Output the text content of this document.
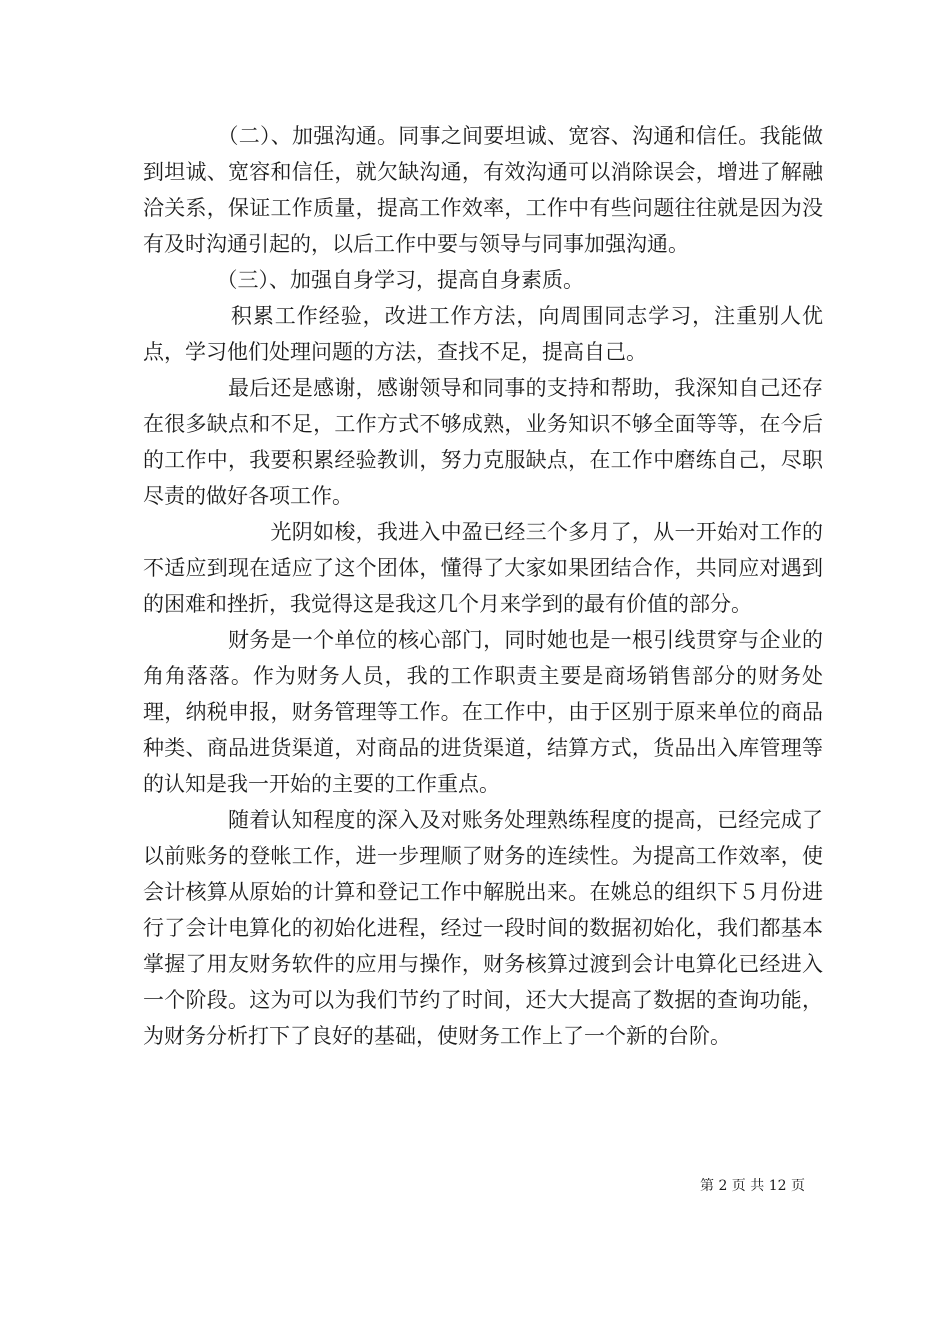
　　　　（二）、加强沟通。同事之间要坦诚、宽容、沟通和信任。我能做到坦诚、宽容和信任，就欠缺沟通，有效沟通可以消除误会，增进了解融洽关系，保证工作质量，提高工作效率，工作中有些问题往往就是因为没有及时沟通引起的，以后工作中要与领导与同事加强沟通。

　　　　（三）、加强自身学习，提高自身素质。

　　　　积累工作经验，改进工作方法，向周围同志学习，注重别人优点，学习他们处理问题的方法，查找不足，提高自己。

　　　　最后还是感谢，感谢领导和同事的支持和帮助，我深知自己还存在很多缺点和不足，工作方式不够成熟，业务知识不够全面等等，在今后的工作中，我要积累经验教训，努力克服缺点，在工作中磨练自己，尽职尽责的做好各项工作。

　　　　　　光阴如梭，我进入中盈已经三个多月了，从一开始对工作的不适应到现在适应了这个团体，懂得了大家如果团结合作，共同应对遇到的困难和挫折，我觉得这是我这几个月来学到的最有价值的部分。

　　　　财务是一个单位的核心部门，同时她也是一根引线贯穿与企业的角角落落。作为财务人员，我的工作职责主要是商场销售部分的财务处理，纳税申报，财务管理等工作。在工作中，由于区别于原来单位的商品种类、商品进货渠道，对商品的进货渠道，结算方式，货品出入库管理等的认知是我一开始的主要的工作重点。

　　　　随着认知程度的深入及对账务处理熟练程度的提高，已经完成了以前账务的登帐工作，进一步理顺了财务的连续性。为提高工作效率，使会计核算从原始的计算和登记工作中解脱出来。在姚总的组织下５月份进行了会计电算化的初始化进程，经过一段时间的数据初始化，我们都基本掌握了用友财务软件的应用与操作，财务核算过渡到会计电算化已经进入一个阶段。这为可以为我们节约了时间，还大大提高了数据的查询功能，为财务分析打下了良好的基础，使财务工作上了一个新的台阶。

第 2 页 共 12 页
